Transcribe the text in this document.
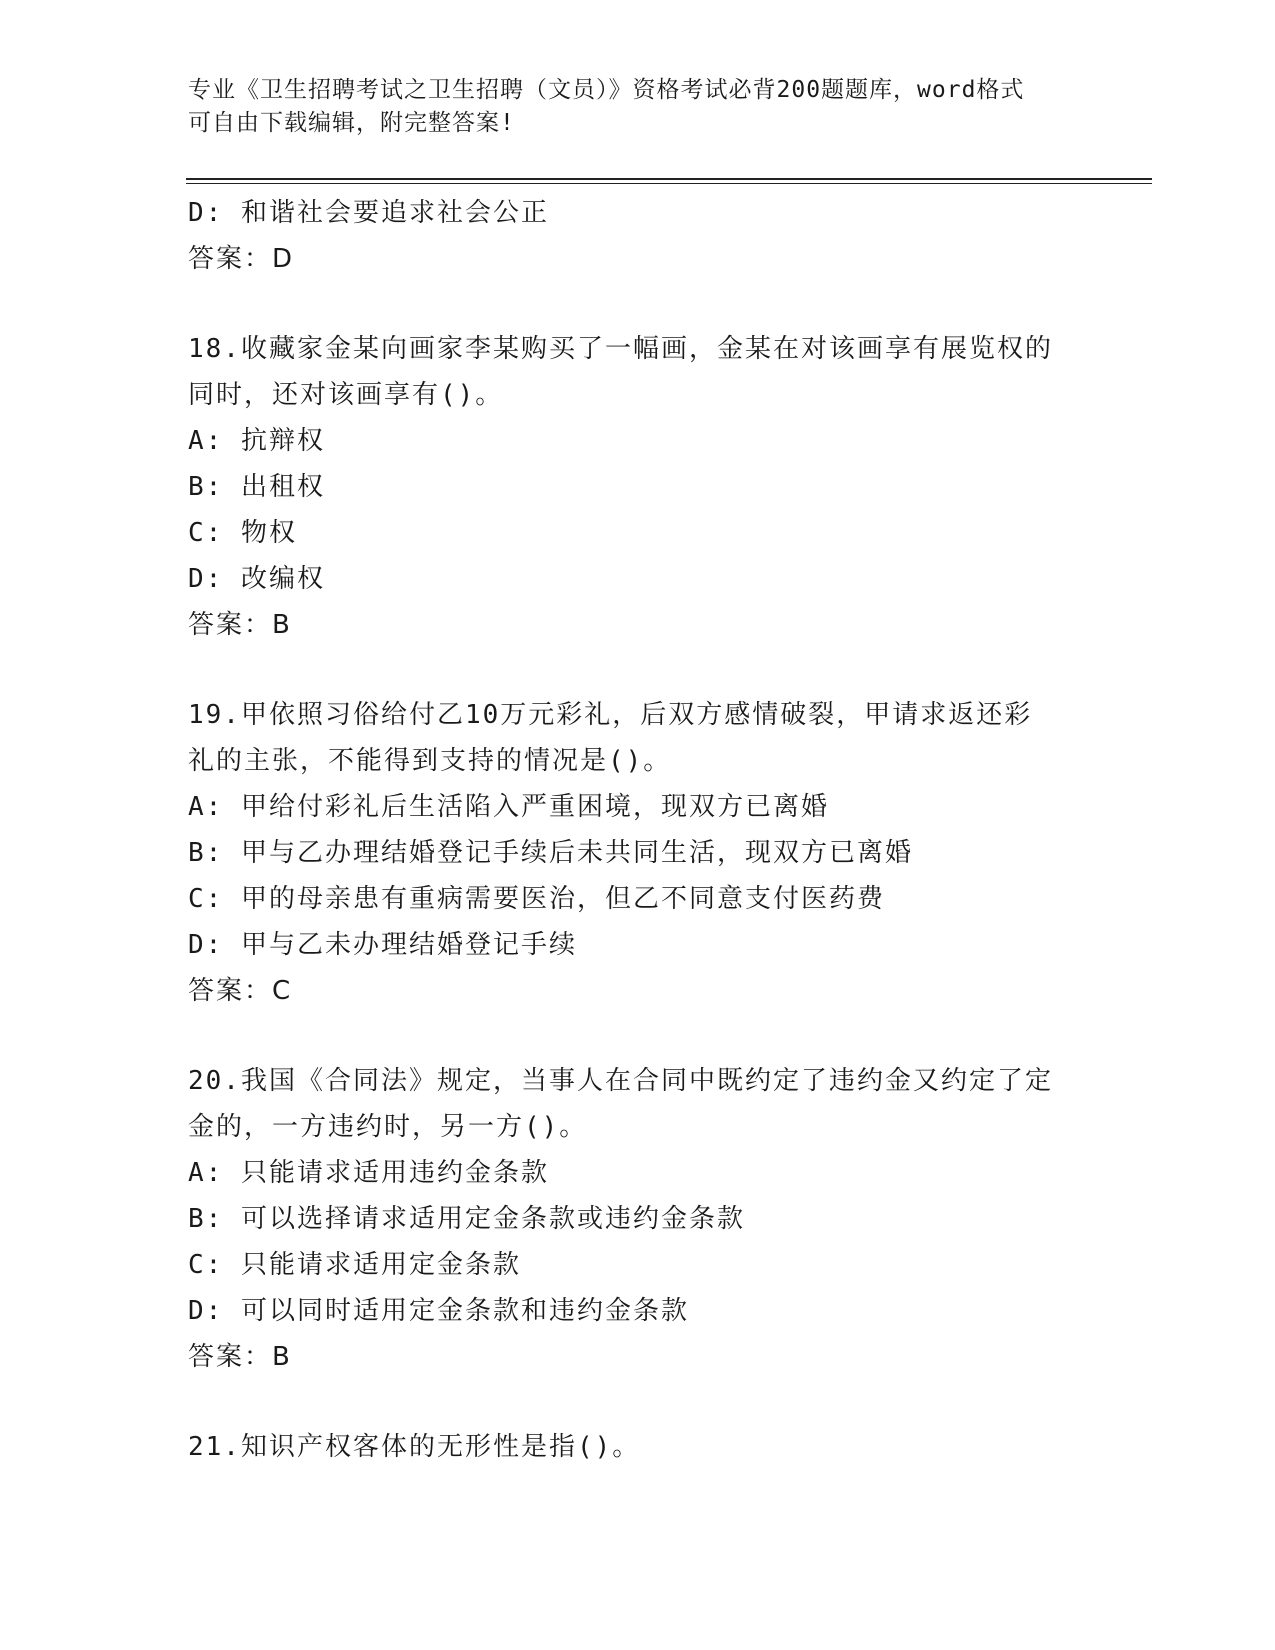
专业《卫生招聘考试之卫生招聘（文员）》资格考试必背200题题库，word格式
可自由下载编辑，附完整答案!
D: 和谐社会要追求社会公正
答案：D
18.收藏家金某向画家李某购买了一幅画，金某在对该画享有展览权的
同时，还对该画享有()。
A: 抗辩权
B: 出租权
C: 物权
D: 改编权
答案：B
19.甲依照习俗给付乙10万元彩礼，后双方感情破裂，甲请求返还彩
礼的主张，不能得到支持的情况是()。
A: 甲给付彩礼后生活陷入严重困境，现双方已离婚
B: 甲与乙办理结婚登记手续后未共同生活，现双方已离婚
C: 甲的母亲患有重病需要医治，但乙不同意支付医药费
D: 甲与乙未办理结婚登记手续
答案：C
20.我国《合同法》规定，当事人在合同中既约定了违约金又约定了定
金的，一方违约时，另一方()。
A: 只能请求适用违约金条款
B: 可以选择请求适用定金条款或违约金条款
C: 只能请求适用定金条款
D: 可以同时适用定金条款和违约金条款
答案：B
21.知识产权客体的无形性是指()。
